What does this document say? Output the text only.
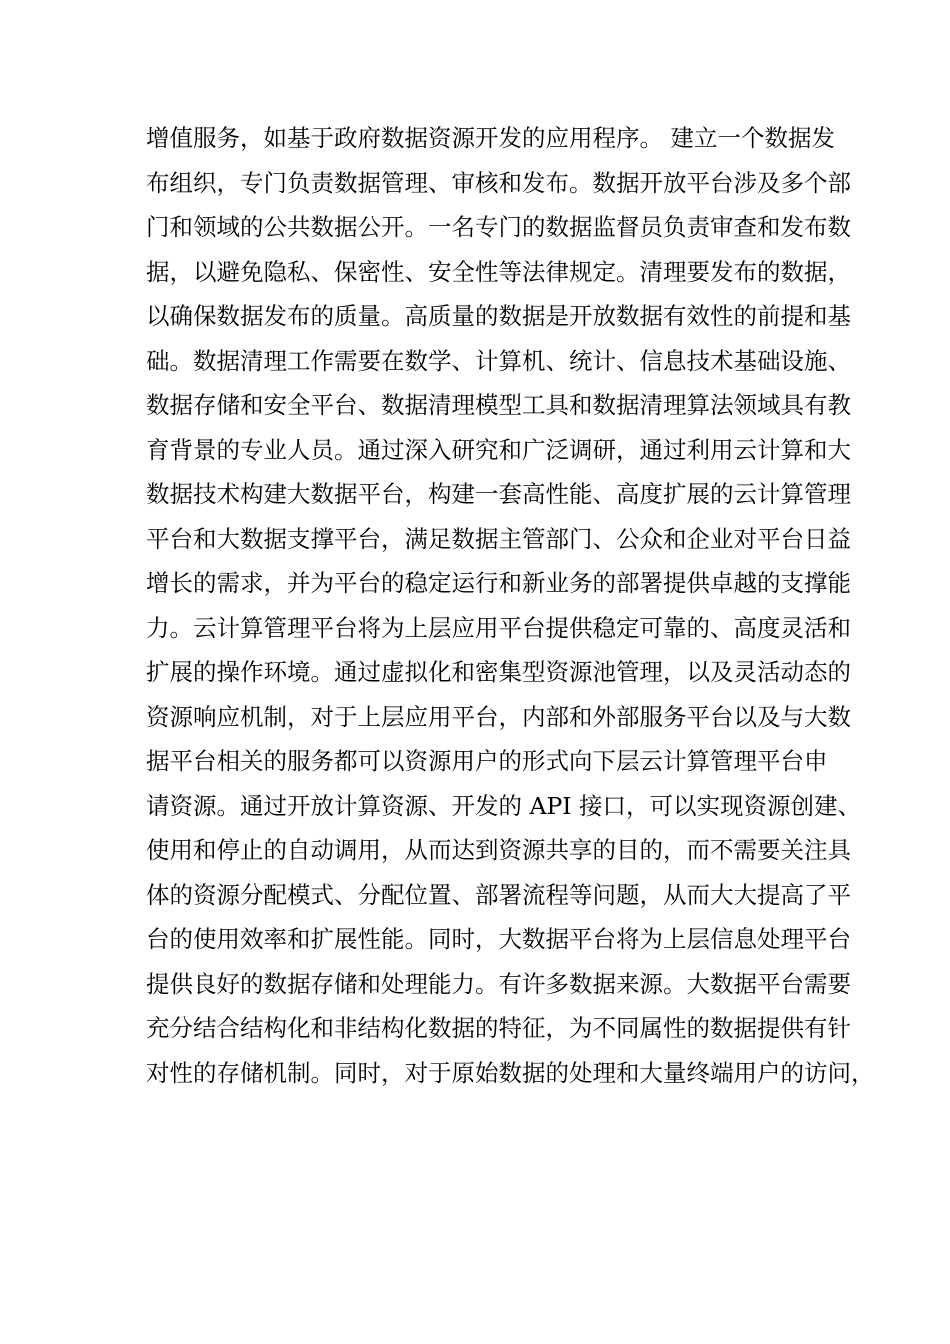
增值服务，如基于政府数据资源开发的应用程序。 建立一个数据发
布组织，专门负责数据管理、审核和发布。数据开放平台涉及多个部
门和领域的公共数据公开。一名专门的数据监督员负责审查和发布数
据，以避免隐私、保密性、安全性等法律规定。清理要发布的数据，
以确保数据发布的质量。高质量的数据是开放数据有效性的前提和基
础。数据清理工作需要在数学、计算机、统计、信息技术基础设施、
数据存储和安全平台、数据清理模型工具和数据清理算法领域具有教
育背景的专业人员。通过深入研究和广泛调研，通过利用云计算和大
数据技术构建大数据平台，构建一套高性能、高度扩展的云计算管理
平台和大数据支撑平台，满足数据主管部门、公众和企业对平台日益
增长的需求，并为平台的稳定运行和新业务的部署提供卓越的支撑能
力。云计算管理平台将为上层应用平台提供稳定可靠的、高度灵活和
扩展的操作环境。通过虚拟化和密集型资源池管理，以及灵活动态的
资源响应机制，对于上层应用平台，内部和外部服务平台以及与大数
据平台相关的服务都可以资源用户的形式向下层云计算管理平台申
请资源。通过开放计算资源、开发的 API 接口，可以实现资源创建、
使用和停止的自动调用，从而达到资源共享的目的，而不需要关注具
体的资源分配模式、分配位置、部署流程等问题，从而大大提高了平
台的使用效率和扩展性能。同时，大数据平台将为上层信息处理平台
提供良好的数据存储和处理能力。有许多数据来源。大数据平台需要
充分结合结构化和非结构化数据的特征，为不同属性的数据提供有针
对性的存储机制。同时，对于原始数据的处理和大量终端用户的访问，
